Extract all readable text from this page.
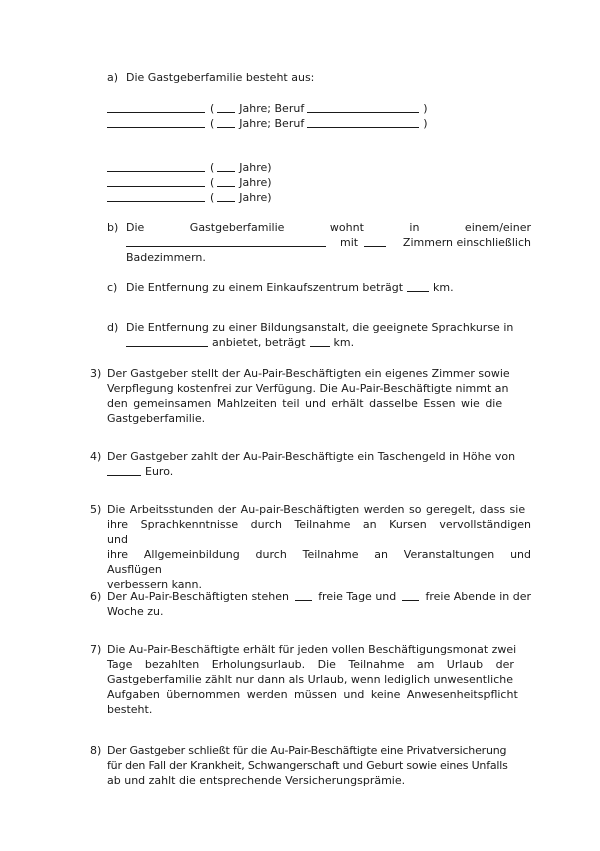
a) Die Gastgeberfamilie besteht aus:
( Jahre; Beruf	)
( Jahre; Beruf	)
( Jahre)
( Jahre)
( Jahre)
b) Die	Gastgeberfamilie	wohnt	in	einem/einer
mit	Zimmern einschließlich
Badezimmern.
c) Die Entfernung zu einem Einkaufszentrum beträgt	km.
d) Die Entfernung zu einer Bildungsanstalt, die geeignete Sprachkurse in
anbietet, beträgt	km.
3) Der Gastgeber stellt der Au-Pair-Beschäftigten ein eigenes Zimmer sowie
Verpflegung kostenfrei zur Verfügung. Die Au-Pair-Beschäftigte nimmt an
den gemeinsamen Mahlzeiten teil und erhält dasselbe Essen wie die
Gastgeberfamilie.
4) Der Gastgeber zahlt der Au-Pair-Beschäftigte ein Taschengeld in Höhe von
Euro.
5) Die Arbeitsstunden der Au-pair-Beschäftigten werden so geregelt, dass sie
ihre Sprachkenntnisse durch Teilnahme an Kursen vervollständigen und
ihre Allgemeinbildung durch Teilnahme an Veranstaltungen und Ausflügen
verbessern kann.
6) Der Au-Pair-Beschäftigten stehen	freie Tage und	freie Abende in der
Woche zu.
7) Die Au-Pair-Beschäftigte erhält für jeden vollen Beschäftigungsmonat zwei
Tage bezahlten Erholungsurlaub. Die Teilnahme am Urlaub der
Gastgeberfamilie zählt nur dann als Urlaub, wenn lediglich unwesentliche
Aufgaben übernommen werden müssen und keine Anwesenheitspflicht
besteht.
8) Der Gastgeber schließt für die Au-Pair-Beschäftigte eine Privatversicherung
für den Fall der Krankheit, Schwangerschaft und Geburt sowie eines Unfalls
ab und zahlt die entsprechende Versicherungsprämie.
